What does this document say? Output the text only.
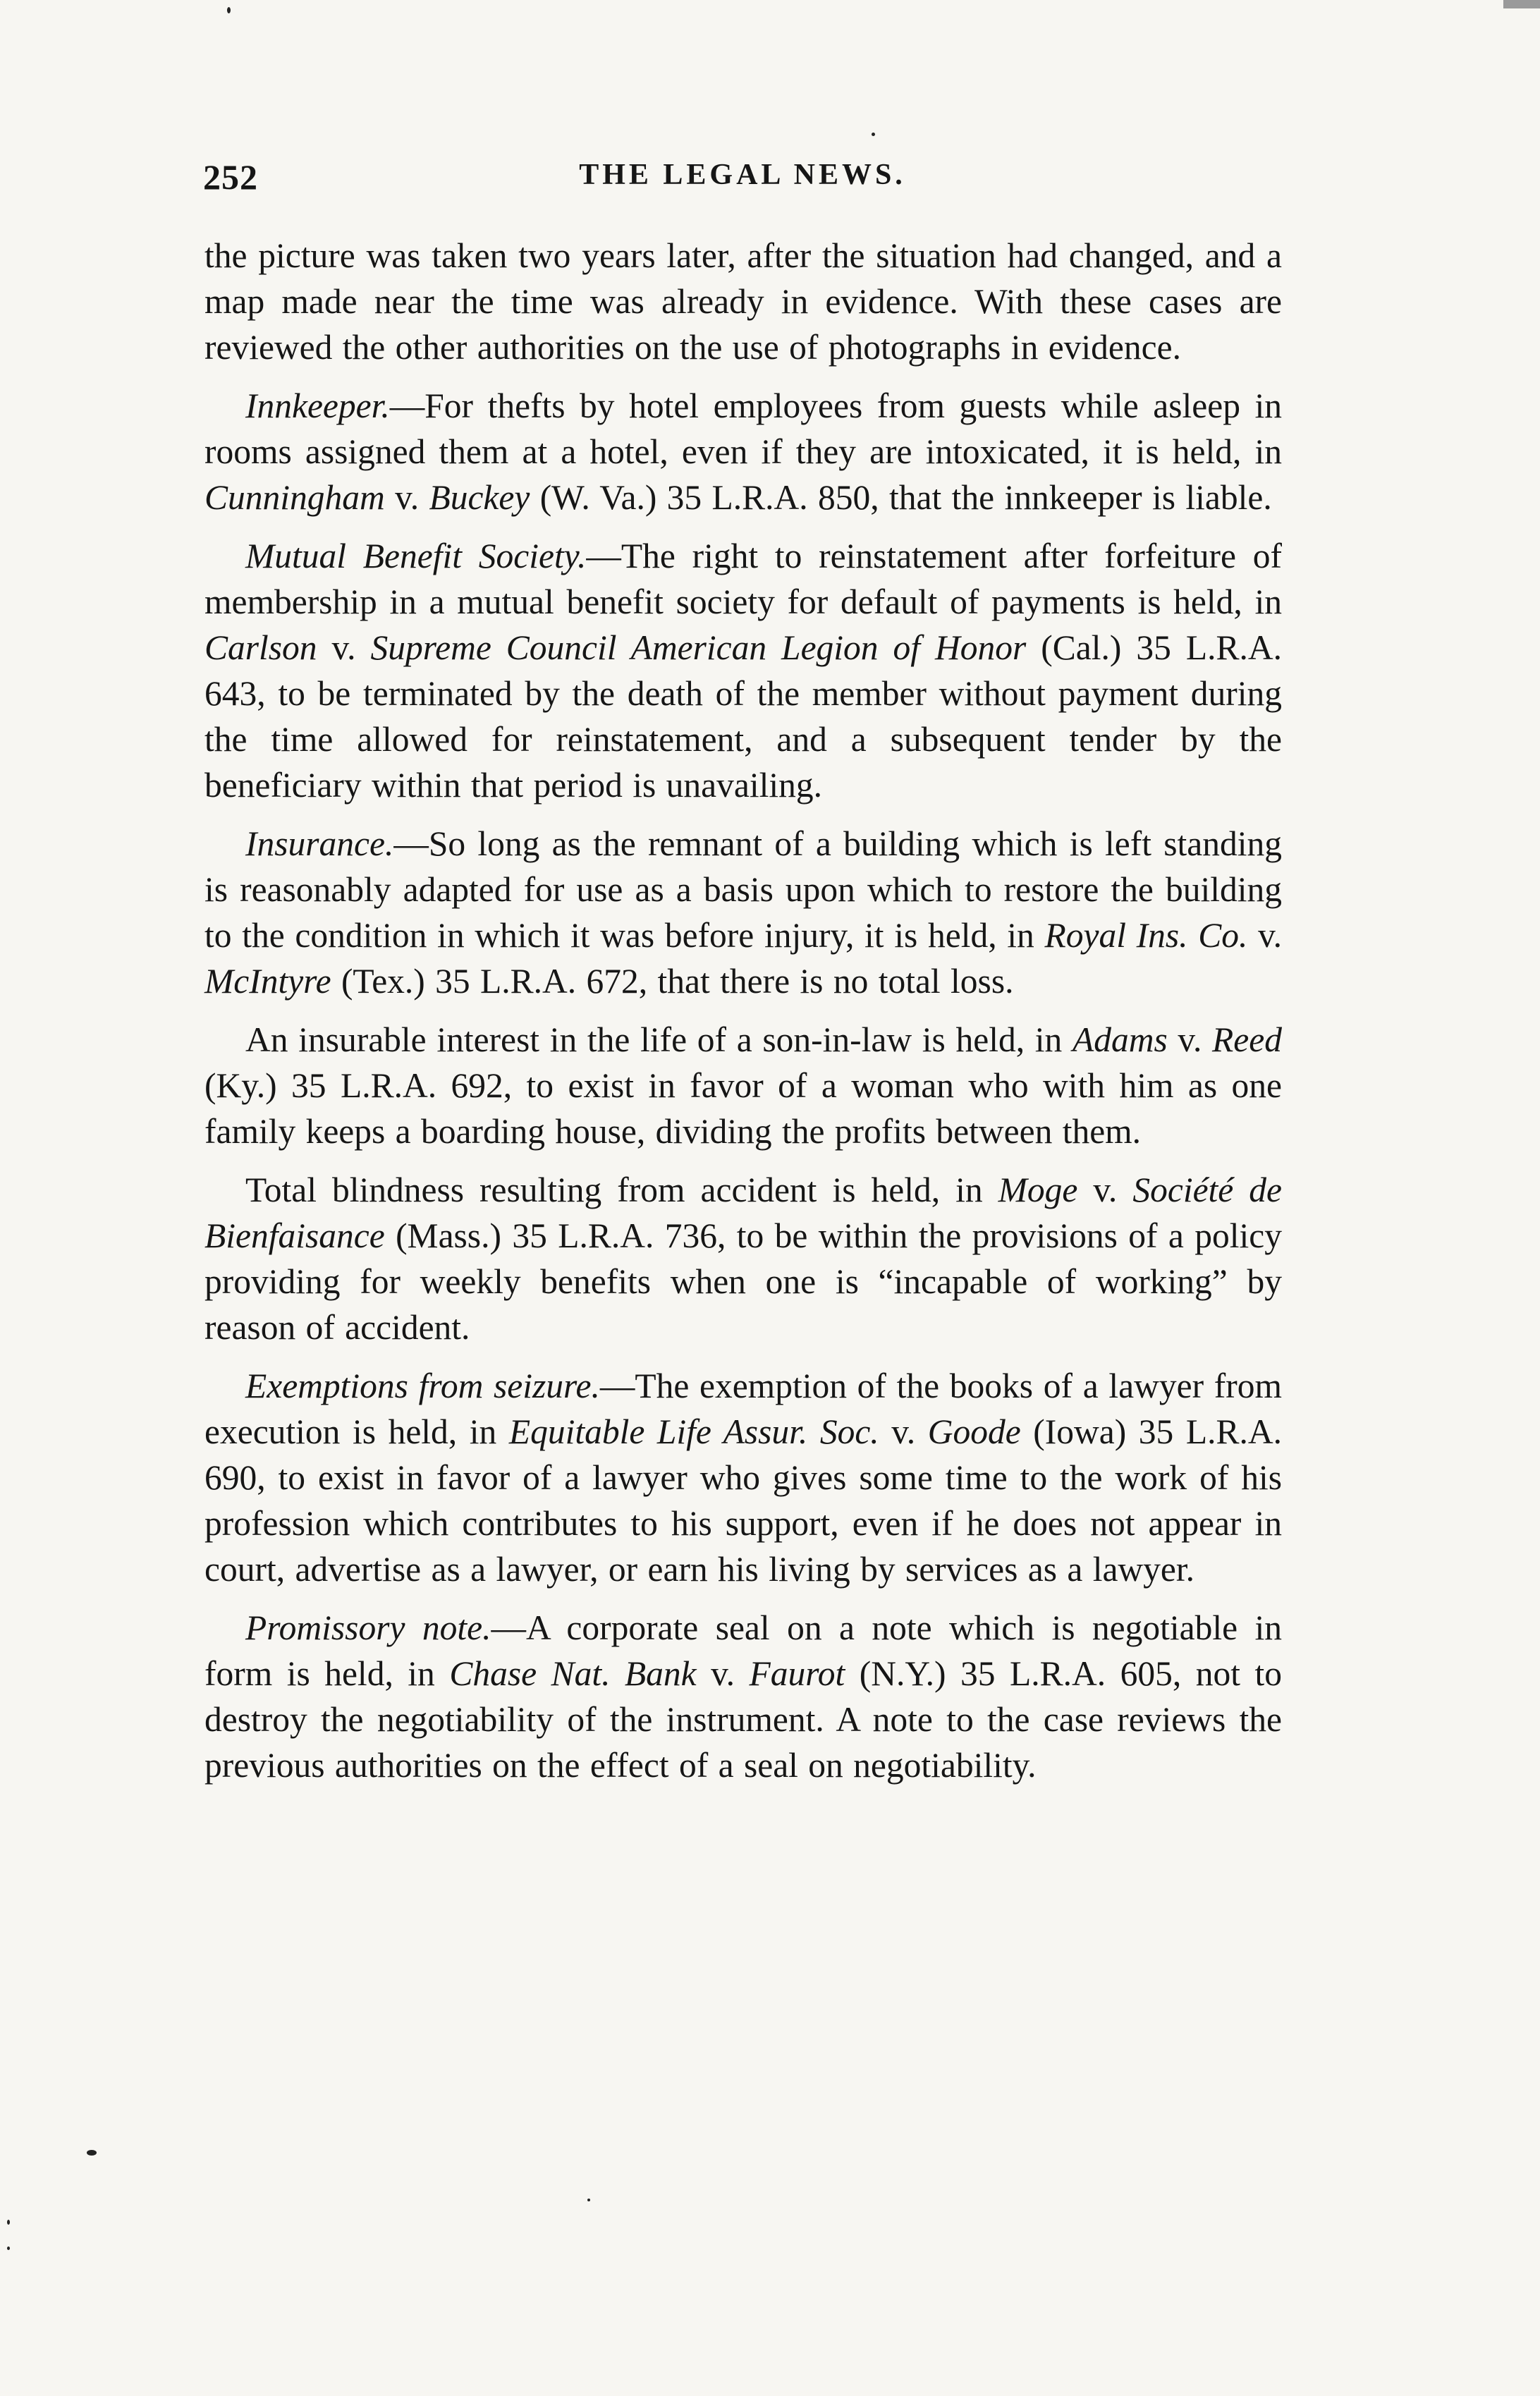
252	THE LEGAL NEWS.

the picture was taken two years later, after the situation had changed, and a map made near the time was already in evidence. With these cases are reviewed the other authorities on the use of photographs in evidence.

Innkeeper.—For thefts by hotel employees from guests while asleep in rooms assigned them at a hotel, even if they are intoxicated, it is held, in Cunningham v. Buckey (W. Va.) 35 L.R.A. 850, that the innkeeper is liable.

Mutual Benefit Society.—The right to reinstatement after forfeiture of membership in a mutual benefit society for default of payments is held, in Carlson v. Supreme Council American Legion of Honor (Cal.) 35 L.R.A. 643, to be terminated by the death of the member without payment during the time allowed for reinstatement, and a subsequent tender by the beneficiary within that period is unavailing.

Insurance.—So long as the remnant of a building which is left standing is reasonably adapted for use as a basis upon which to restore the building to the condition in which it was before injury, it is held, in Royal Ins. Co. v. McIntyre (Tex.) 35 L.R.A. 672, that there is no total loss.

An insurable interest in the life of a son-in-law is held, in Adams v. Reed (Ky.) 35 L.R.A. 692, to exist in favor of a woman who with him as one family keeps a boarding house, dividing the profits between them.

Total blindness resulting from accident is held, in Moge v. Société de Bienfaisance (Mass.) 35 L.R.A. 736, to be within the provisions of a policy providing for weekly benefits when one is “incapable of working” by reason of accident.

Exemptions from seizure.—The exemption of the books of a lawyer from execution is held, in Equitable Life Assur. Soc. v. Goode (Iowa) 35 L.R.A. 690, to exist in favor of a lawyer who gives some time to the work of his profession which contributes to his support, even if he does not appear in court, advertise as a lawyer, or earn his living by services as a lawyer.

Promissory note.—A corporate seal on a note which is negotiable in form is held, in Chase Nat. Bank v. Faurot (N.Y.) 35 L.R.A. 605, not to destroy the negotiability of the instrument. A note to the case reviews the previous authorities on the effect of a seal on negotiability.
